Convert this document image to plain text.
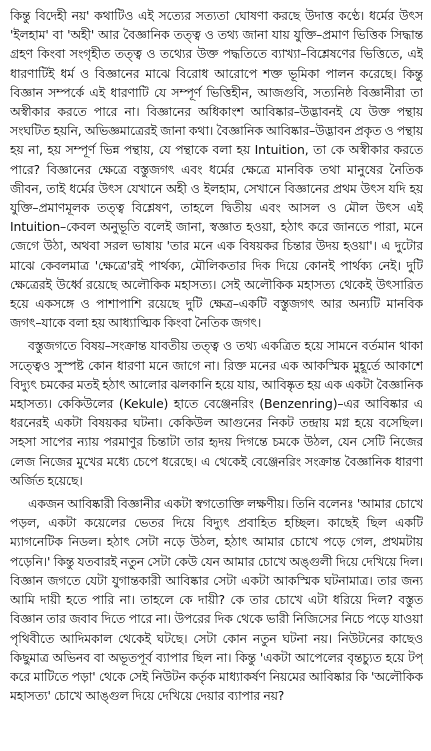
কিন্তু বিদেহী নয়' কথাটিও এই সত্যের সত্যতা ঘোষণা করছে উদাত্ত কণ্ঠে। ধর্মের উৎস 'ইলহাম' বা 'অহী' আর বৈজ্ঞানিক তত্ত্ব ও তথ্য জানা যায় যুক্তি–প্রমাণ ভিত্তিক সিদ্ধান্ত গ্রহণ কিংবা সংগৃহীত তত্ত্ব ও তথ্যের উক্ত পদ্ধতিতে ব্যাখ্যা–বিশ্লেষণের ভিত্তিতে, এই ধারণাটিই ধর্ম ও বিজ্ঞানের মাঝে বিরোধ আরোপে শক্ত ভূমিকা পালন করেছে। কিন্তু বিজ্ঞান সম্পর্কে এই ধারণাটি যে সম্পূর্ণ ভিত্তিহীন, আজগুবি, সত্যনিষ্ঠ বিজ্ঞানীরা তা অস্বীকার করতে পারে না। বিজ্ঞানের অধিকাংশ আবিষ্কার–উদ্ভাবনই যে উক্ত পন্থায় সংঘটিত হয়নি, অভিজ্ঞমাত্রেরই জানা কথা। বৈজ্ঞানিক আবিষ্কার–উদ্ভাবন প্রকৃত ও পন্থায় হয় না, হয় সম্পূর্ণ ভিন্ন পন্থায়, যে পন্থাকে বলা হয় Intuition, তা কে অস্বীকার করতে পারে? বিজ্ঞানের ক্ষেত্রে বস্তুজগৎ এবং ধর্মের ক্ষেত্রে মানবিক তথা মানুষের নৈতিক জীবন, তাই ধর্মের উৎস যেখানে অহী ও ইলহাম, সেখানে বিজ্ঞানের প্রথম উৎস যদি হয় যুক্তি–প্রমাণমূলক তত্ত্ব বিশ্লেষণ, তাহলে দ্বিতীয় এবং আসল ও মৌল উৎস এই Intuition–কেবল অনুভূতি বলেই জানা, স্বজ্ঞাত হওয়া, হঠাৎ করে জানতে পারা, মনে জেগে উঠা, অথবা সরল ভাষায় 'তার মনে এক বিষয়কর চিন্তার উদয় হওয়া'। এ দুটোর মাঝে কেবলমাত্র 'ক্ষেত্রে'রই পার্থক্য, মৌলিকতার দিক দিয়ে কোনই পার্থক্য নেই। দুটি ক্ষেত্রেরই উর্ধ্বে রয়েছে অলৌকিক মহাসত্য। সেই অলৌকিক মহাসত্য থেকেই উৎসারিত হয়ে একসঙ্গে ও পাশাপাশি রয়েছে দুটি ক্ষেত্র–একটি বস্তুজগৎ আর অন্যটি মানবিক জগৎ–যাকে বলা হয় আধ্যাত্মিক কিংবা নৈতিক জগৎ।

বস্তুজগতে বিষয়–সংক্রান্ত যাবতীয় তত্ত্ব ও তথ্য একত্রিত হয়ে সামনে বর্তমান থাকা সত্ত্বেও সুস্পষ্ট কোন ধারণা মনে জাগে না। রিক্ত মনের এক আকস্মিক মুহূর্তে আকাশে বিদ্যুৎ চমকের মতই হঠাৎ আলোর ঝলকানি হয়ে যায়, আবিষ্কৃত হয় এক একটা বৈজ্ঞানিক মহাসত্য। কেকিউলের (Kekule) হাতে বেঞ্জেনরিং (Benzenring)–এর আবিষ্কার এ ধরনেরই একটা বিষয়কর ঘটনা। কেকিউল আগুনের নিকট তন্দ্রায় মগ্ন হয়ে বসেছিল। সহসা সাপের ন্যায় পরমাণুর চিন্তাটা তার হৃদয় দিগন্তে চমকে উঠল, যেন সেটি নিজের লেজ নিজের মুখের মধ্যে চেপে ধরেছে। এ থেকেই বেঞ্জেনরিং সংক্রান্ত বৈজ্ঞানিক ধারণা অর্জিত হয়েছে।

একজন আবিষ্কারী বিজ্ঞানীর একটা স্বগতোক্তি লক্ষণীয়। তিনি বলেনঃ 'আমার চোখে পড়ল, একটা কয়েলের ভেতর দিয়ে বিদ্যুৎ প্রবাহিত হচ্ছিল। কাছেই ছিল একটি ম্যাগনেটিক নিডল। হঠাৎ সেটা নড়ে উঠল, হঠাৎ আমার চোখে পড়ে গেল, প্রথমটায় পড়েনি।' কিন্তু যতবারই নতুন সেটা কেউ যেন আমার চোখে অঙ্গুলী দিয়ে দেখিয়ে দিল। বিজ্ঞান জগতে যেটা যুগান্তকারী আবিষ্কার সেটা একটা আকস্মিক ঘটনামাত্র। তার জন্য আমি দায়ী হতে পারি না। তাহলে কে দায়ী? কে তার চোখে এটা ধরিয়ে দিল? বস্তুত বিজ্ঞান তার জবাব দিতে পারে না। উপরের দিক থেকে ভারী নিজিসের নিচে পড়ে যাওয়া পৃথিবীতে আদিমকাল থেকেই ঘটছে। সেটা কোন নতুন ঘটনা নয়। নিউটনের কাছেও কিছুমাত্র অভিনব বা অভূতপূর্ব ব্যাপার ছিল না। কিন্তু 'একটা আপেলের বৃন্তচ্যুত হয়ে টপ্ করে মাটিতে পড়া' থেকে সেই নিউটন কর্তৃক মাধ্যাকর্ষণ নিয়মের আবিষ্কার কি 'অলৌকিক মহাসত্য' চোখে আঙ্গুল দিয়ে দেখিয়ে দেয়ার ব্যাপার নয়?
